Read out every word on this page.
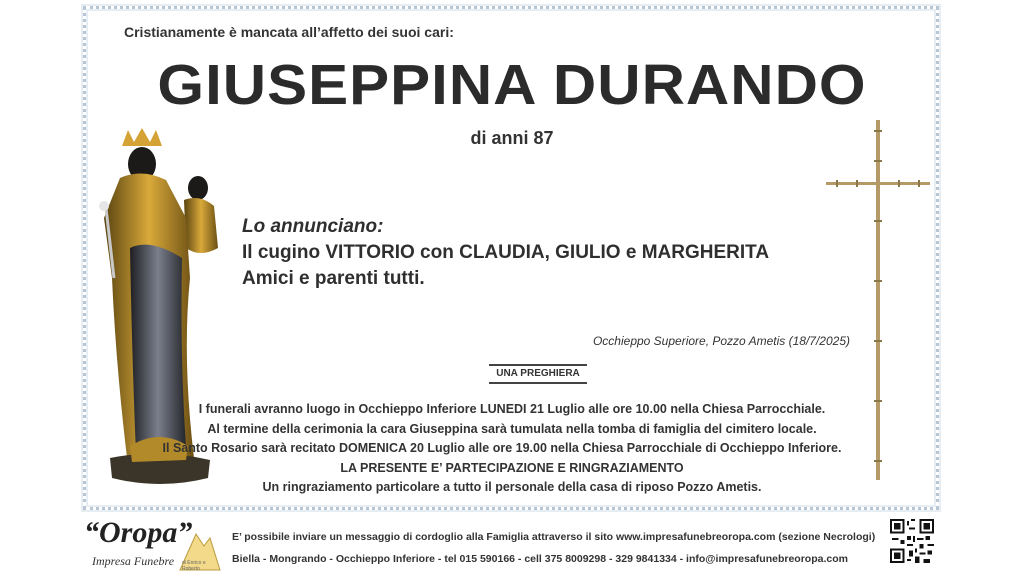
Cristianamente è mancata all’affetto dei suoi cari:
GIUSEPPINA DURANDO
di anni 87
Lo annunciano:
Il cugino VITTORIO con CLAUDIA, GIULIO e MARGHERITA
Amici e parenti tutti.
Occhieppo Superiore, Pozzo Ametis (18/7/2025)
UNA PREGHIERA
I funerali avranno luogo in Occhieppo Inferiore LUNEDI 21 Luglio alle ore 10.00 nella Chiesa Parrocchiale.
Al termine della cerimonia la cara Giuseppina sarà tumulata nella tomba di famiglia del cimitero locale.
Il Santo Rosario sarà recitato DOMENICA 20 Luglio alle ore 19.00 nella Chiesa Parrocchiale di Occhieppo Inferiore.
LA PRESENTE E’ PARTECIPAZIONE E RINGRAZIAMENTO
Un ringraziamento particolare a tutto il personale della casa di riposo Pozzo Ametis.
“Oropa”
Impresa Funebre di Enrico e Roberto
E’ possibile inviare un messaggio di cordoglio alla Famiglia attraverso il sito www.impresafunebreoropa.com (sezione Necrologi)
Biella - Mongrando - Occhieppo Inferiore - tel 015 590166 - cell 375 8009298 - 329 9841334 - info@impresafunebreoropa.com
